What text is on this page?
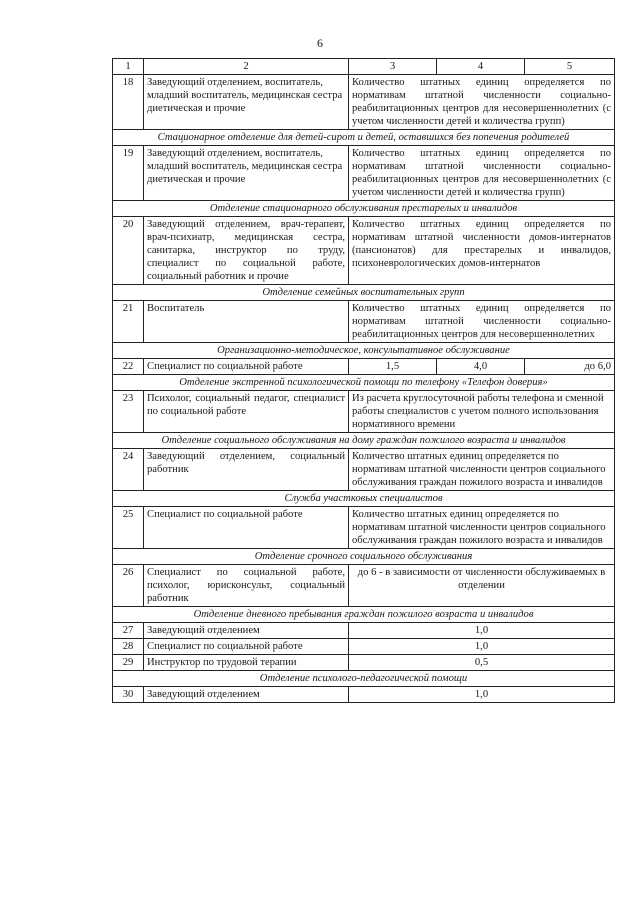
6
1	2	3	4	5
18	Заведующий отделением, воспитатель, младший воспитатель, медицинская сестра диетическая и прочие	Количество штатных единиц определяется по нормативам штатной численности социально-реабилитационных центров для несовершеннолетних (с учетом численности детей и количества групп)		
Стационарное отделение для детей-сирот и детей, оставшихся без попечения родителей				
19	Заведующий отделением, воспитатель, младший воспитатель, медицинская сестра диетическая и прочие	Количество штатных единиц определяется по нормативам штатной численности социально-реабилитационных центров для несовершеннолетних (с учетом численности детей и количества групп)		
Отделение стационарного обслуживания престарелых и инвалидов				
20	Заведующий отделением, врач-терапевт, врач-психиатр, медицинская сестра, санитарка, инструктор по труду, специалист по социальной работе, социальный работник и прочие	Количество штатных единиц определяется по нормативам штатной численности домов-интернатов (пансионатов) для престарелых и инвалидов, психоневрологических домов-интернатов		
Отделение семейных воспитательных групп				
21	Воспитатель	Количество штатных единиц определяется по нормативам штатной численности социально-реабилитационных центров для несовершеннолетних		
Организационно-методическое, консультативное обслуживание				
22	Специалист по социальной работе	1,5	4,0	до 6,0
Отделение экстренной психологической помощи по телефону «Телефон доверия»				
23	Психолог, социальный педагог, специалист по социальной работе	Из расчета круглосуточной работы телефона и сменной работы специалистов с учетом полного использования нормативного времени		
Отделение социального обслуживания на дому граждан пожилого возраста и инвалидов				
24	Заведующий отделением, социальный работник	Количество штатных единиц определяется по нормативам штатной численности центров социального обслуживания граждан пожилого возраста и инвалидов		
Служба участковых специалистов				
25	Специалист по социальной работе	Количество штатных единиц определяется по нормативам штатной численности центров социального обслуживания граждан пожилого возраста и инвалидов		
Отделение срочного социального обслуживания				
26	Специалист по социальной работе, психолог, юрисконсульт, социальный работник	до 6 - в зависимости от численности обслуживаемых в отделении		
Отделение дневного пребывания граждан пожилого возраста и инвалидов				
27	Заведующий отделением	1,0		
28	Специалист по социальной работе	1,0		
29	Инструктор по трудовой терапии	0,5		
Отделение психолого-педагогической помощи				
30	Заведующий отделением	1,0		
